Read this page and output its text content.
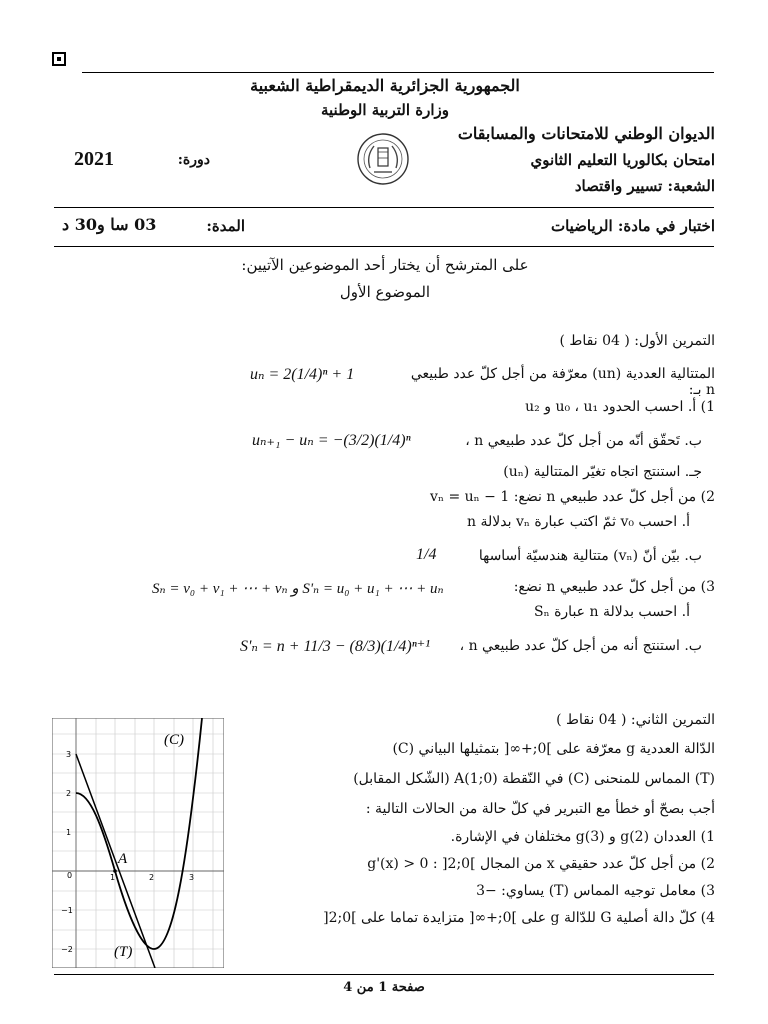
الجمهورية الجزائرية الديمقراطية الشعبية
وزارة التربية الوطنية
الديوان الوطني للامتحانات والمسابقات
امتحان بكالوريا التعليم الثانوي
الشعبة: تسيير واقتصاد
دورة:
2021
اختبار في مادة: الرياضيات
المدة:
03 سا و30 د
على المترشح أن يختار أحد الموضوعين الآتيين:
الموضوع الأول
التمرين الأول: ( 04 نقاط )
المتتالية العددية (un) معرّفة من أجل كلّ عدد طبيعي n بـ:
uₙ = 2(1/4)ⁿ + 1
1) أ. احسب الحدود u₀ ، u₁ و u₂
ب. تَحقّق أنّه من أجل كلّ عدد طبيعي n ،
uₙ₊₁ − uₙ = −(3/2)(1/4)ⁿ
جـ. استنتج اتجاه تغيّر المتتالية (uₙ)
2) من أجل كلّ عدد طبيعي n نضع: vₙ = uₙ − 1
أ. احسب v₀ ثمّ اكتب عبارة vₙ بدلالة n
ب. بيّن أنّ (vₙ) متتالية هندسيّة أساسها
1/4
3) من أجل كلّ عدد طبيعي n نضع:
Sₙ = v₀ + v₁ + ⋯ + vₙ و S'ₙ = u₀ + u₁ + ⋯ + uₙ
أ. احسب بدلالة n عبارة Sₙ
ب. استنتج أنه من أجل كلّ عدد طبيعي n ،
S'ₙ = n + 11/3 − (8/3)(1/4)ⁿ⁺¹
التمرين الثاني: ( 04 نقاط )
الدّالة العددية g معرّفة على ]0;+∞[ بتمثيلها البياني (C)
(T) المماس للمنحنى (C) في النّقطة A(1;0) (الشّكل المقابل)
أجب بصحّ أو خطأ مع التبرير في كلّ حالة من الحالات التالية :
1) العددان g(2) و g(3) مختلفان في الإشارة.
2) من أجل كلّ عدد حقيقي x من المجال ]0;2[ : g'(x) > 0
3) معامل توجيه المماس (T) يساوي: −3
4) كلّ دالة أصلية G للدّالة g على ]0;+∞[ متزايدة تماما على ]0;2[
(C)
(T)
A
0	1	2	3
3
2
1
−1
−2
صفحة 1 من 4
